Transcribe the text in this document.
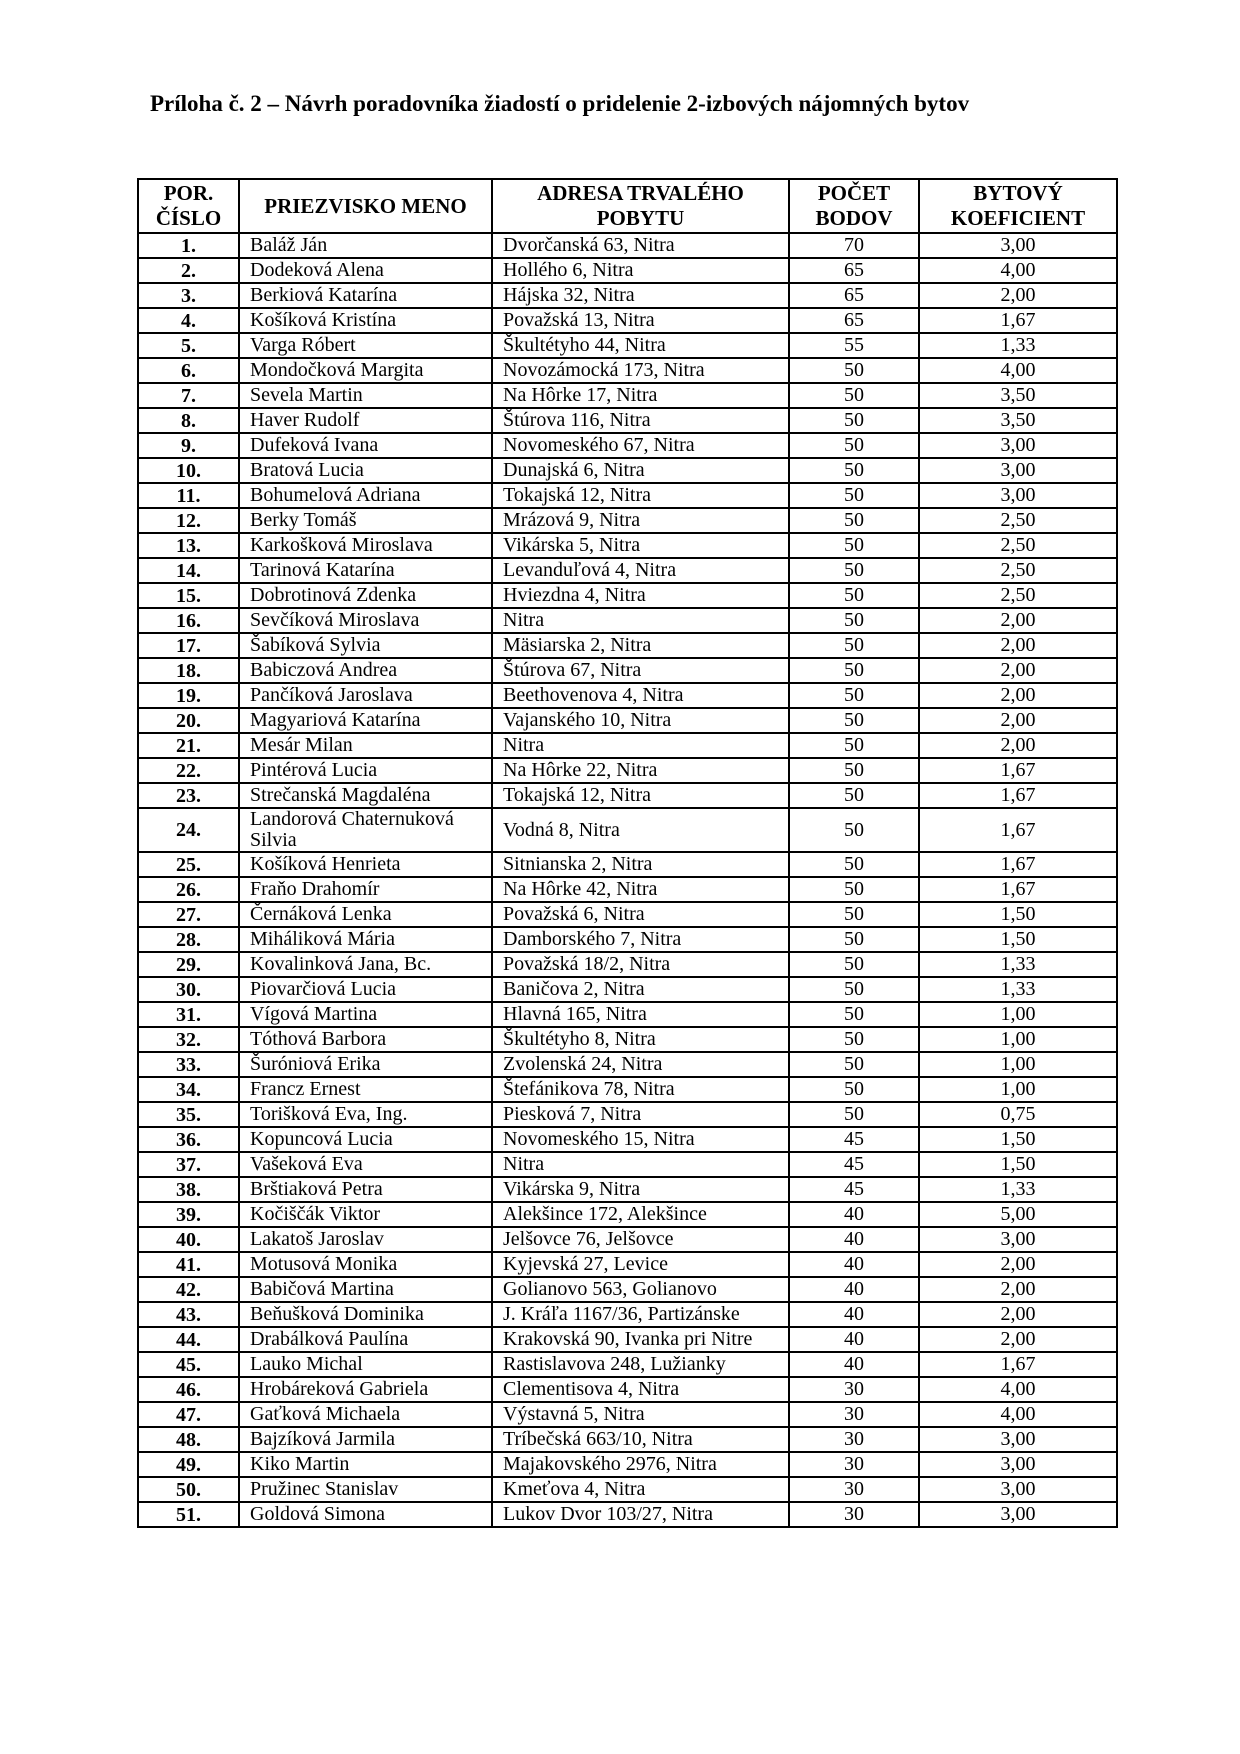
Príloha č. 2 – Návrh poradovníka žiadostí o pridelenie 2-izbových nájomných bytov
POR. ČÍSLO	PRIEZVISKO MENO	ADRESA TRVALÉHO POBYTU	POČET BODOV	BYTOVÝ KOEFICIENT
1.	Baláž Ján	Dvorčanská 63, Nitra	70	3,00
2.	Dodeková Alena	Hollého 6, Nitra	65	4,00
3.	Berkiová Katarína	Hájska 32, Nitra	65	2,00
4.	Košíková Kristína	Považská 13, Nitra	65	1,67
5.	Varga Róbert	Škultétyho 44, Nitra	55	1,33
6.	Mondočková Margita	Novozámocká 173, Nitra	50	4,00
7.	Sevela Martin	Na Hôrke 17, Nitra	50	3,50
8.	Haver Rudolf	Štúrova 116, Nitra	50	3,50
9.	Dufeková Ivana	Novomeského 67, Nitra	50	3,00
10.	Bratová Lucia	Dunajská 6, Nitra	50	3,00
11.	Bohumelová Adriana	Tokajská 12, Nitra	50	3,00
12.	Berky Tomáš	Mrázová 9, Nitra	50	2,50
13.	Karkošková Miroslava	Vikárska 5, Nitra	50	2,50
14.	Tarinová Katarína	Levanduľová 4, Nitra	50	2,50
15.	Dobrotinová Zdenka	Hviezdna 4, Nitra	50	2,50
16.	Sevčíková Miroslava	Nitra	50	2,00
17.	Šabíková Sylvia	Mäsiarska 2, Nitra	50	2,00
18.	Babiczová Andrea	Štúrova 67, Nitra	50	2,00
19.	Pančíková Jaroslava	Beethovenova 4, Nitra	50	2,00
20.	Magyariová Katarína	Vajanského 10, Nitra	50	2,00
21.	Mesár Milan	Nitra	50	2,00
22.	Pintérová Lucia	Na Hôrke 22, Nitra	50	1,67
23.	Strečanská Magdaléna	Tokajská 12, Nitra	50	1,67
24.	Landorová Chaternuková Silvia	Vodná 8, Nitra	50	1,67
25.	Košíková Henrieta	Sitnianska 2, Nitra	50	1,67
26.	Fraňo Drahomír	Na Hôrke 42, Nitra	50	1,67
27.	Černáková Lenka	Považská 6, Nitra	50	1,50
28.	Miháliková Mária	Damborského 7, Nitra	50	1,50
29.	Kovalinková Jana, Bc.	Považská 18/2, Nitra	50	1,33
30.	Piovarčiová Lucia	Baničova 2, Nitra	50	1,33
31.	Vígová Martina	Hlavná 165, Nitra	50	1,00
32.	Tóthová Barbora	Škultétyho 8, Nitra	50	1,00
33.	Šuróniová Erika	Zvolenská 24, Nitra	50	1,00
34.	Francz Ernest	Štefánikova 78, Nitra	50	1,00
35.	Torišková Eva, Ing.	Piesková 7, Nitra	50	0,75
36.	Kopuncová Lucia	Novomeského 15, Nitra	45	1,50
37.	Vašeková Eva	Nitra	45	1,50
38.	Brštiaková Petra	Vikárska 9, Nitra	45	1,33
39.	Kočiščák Viktor	Alekšince 172, Alekšince	40	5,00
40.	Lakatoš Jaroslav	Jelšovce 76, Jelšovce	40	3,00
41.	Motusová Monika	Kyjevská 27, Levice	40	2,00
42.	Babičová Martina	Golianovo 563, Golianovo	40	2,00
43.	Beňušková Dominika	J. Kráľa 1167/36, Partizánske	40	2,00
44.	Drabálková Paulína	Krakovská 90, Ivanka pri Nitre	40	2,00
45.	Lauko Michal	Rastislavova 248, Lužianky	40	1,67
46.	Hrobáreková Gabriela	Clementisova 4, Nitra	30	4,00
47.	Gaťková Michaela	Výstavná 5, Nitra	30	4,00
48.	Bajzíková Jarmila	Tríbečská 663/10, Nitra	30	3,00
49.	Kiko Martin	Majakovského 2976, Nitra	30	3,00
50.	Pružinec Stanislav	Kmeťova 4, Nitra	30	3,00
51.	Goldová Simona	Lukov Dvor 103/27, Nitra	30	3,00
